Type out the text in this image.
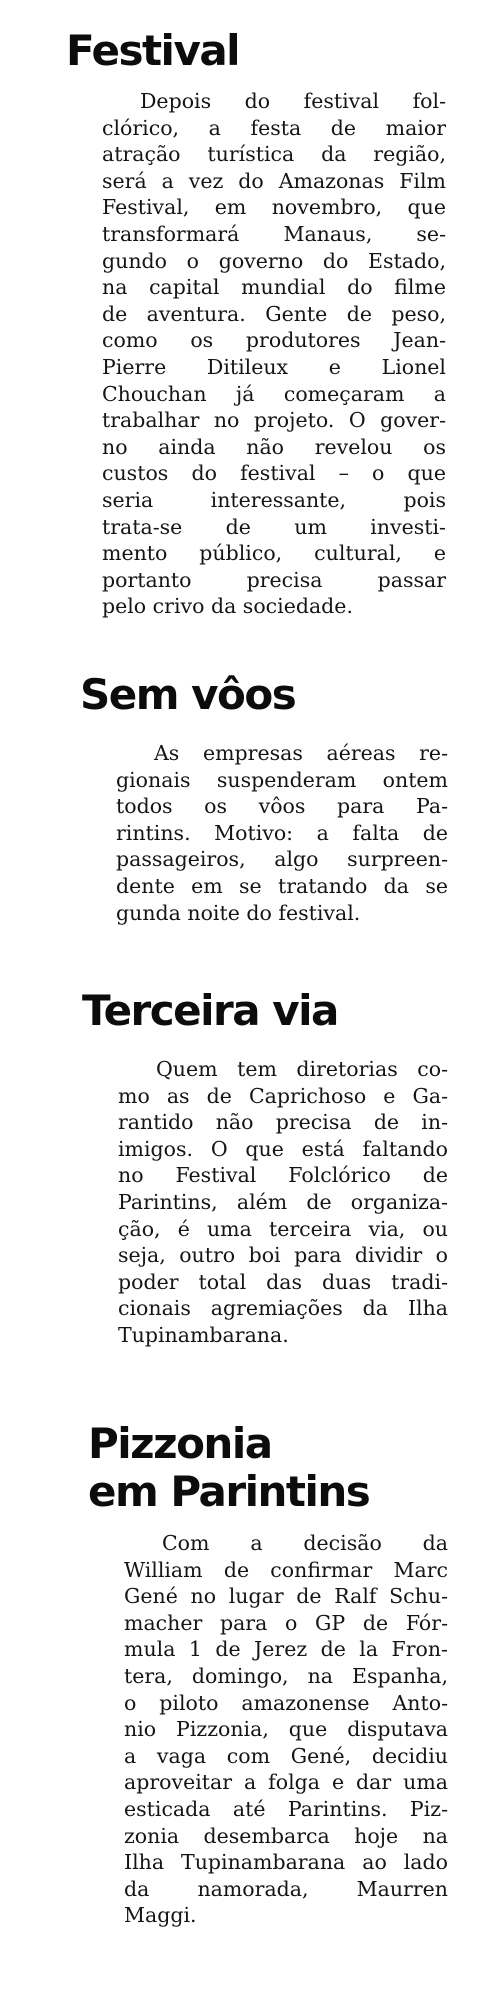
Festival
Depois do festival fol-
clórico, a festa de maior
atração turística da região,
será a vez do Amazonas Film
Festival, em novembro, que
transformará Manaus, se-
gundo o governo do Estado,
na capital mundial do filme
de aventura. Gente de peso,
como os produtores Jean-
Pierre Ditileux e Lionel
Chouchan já começaram a
trabalhar no projeto. O gover-
no ainda não revelou os
custos do festival – o que
seria interessante, pois
trata-se de um investi-
mento público, cultural, e
portanto precisa passar
pelo crivo da sociedade.
Sem vôos
As empresas aéreas re-
gionais suspenderam ontem
todos os vôos para Pa-
rintins. Motivo: a falta de
passageiros, algo surpreen-
dente em se tratando da se
gunda noite do festival.
Terceira via
Quem tem diretorias co-
mo as de Caprichoso e Ga-
rantido não precisa de in-
imigos. O que está faltando
no Festival Folclórico de
Parintins, além de organiza-
ção, é uma terceira via, ou
seja, outro boi para dividir o
poder total das duas tradi-
cionais agremiações da Ilha
Tupinambarana.
Pizzonia
em Parintins
Com a decisão da
William de confirmar Marc
Gené no lugar de Ralf Schu-
macher para o GP de Fór-
mula 1 de Jerez de la Fron-
tera, domingo, na Espanha,
o piloto amazonense Anto-
nio Pizzonia, que disputava
a vaga com Gené, decidiu
aproveitar a folga e dar uma
esticada até Parintins. Piz-
zonia desembarca hoje na
Ilha Tupinambarana ao lado
da namorada, Maurren
Maggi.
